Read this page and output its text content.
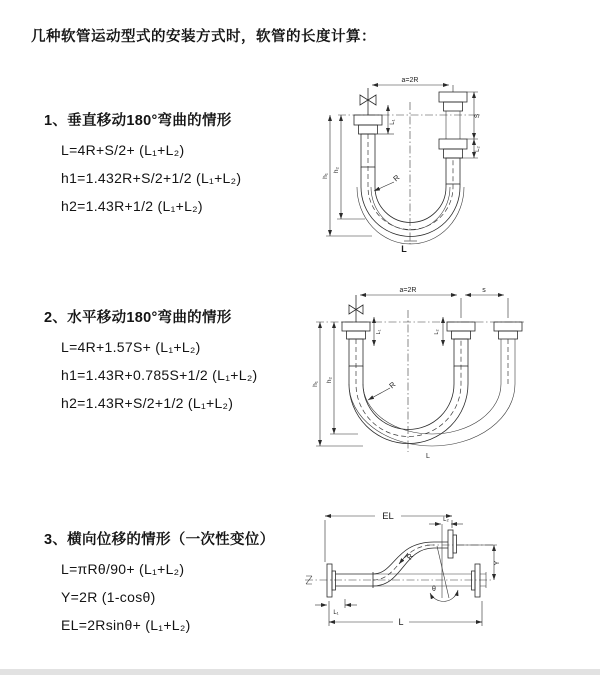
几种软管运动型式的安装方式时，软管的长度计算：
1、垂直移动180°弯曲的情形
L=4R+S/2+ (L₁+L₂)
h1=1.432R+S/2+1/2 (L₁+L₂)
h2=1.43R+1/2 (L₁+L₂)
2、水平移动180°弯曲的情形
L=4R+1.57S+ (L₁+L₂)
h1=1.43R+0.785S+1/2 (L₁+L₂)
h2=1.43R+S/2+1/2 (L₁+L₂)
3、横向位移的情形（一次性变位）
L=πRθ/90+ (L₁+L₂)
Y=2R (1-cosθ)
EL=2Rsinθ+ (L₁+L₂)
a=2R
h₁
h₂
L₁
S
L₂
R
L
a=2R	s
h₁
h₂
L₁	L₂
R
L
EL	L₂
Y
R
θ
L₁
L
